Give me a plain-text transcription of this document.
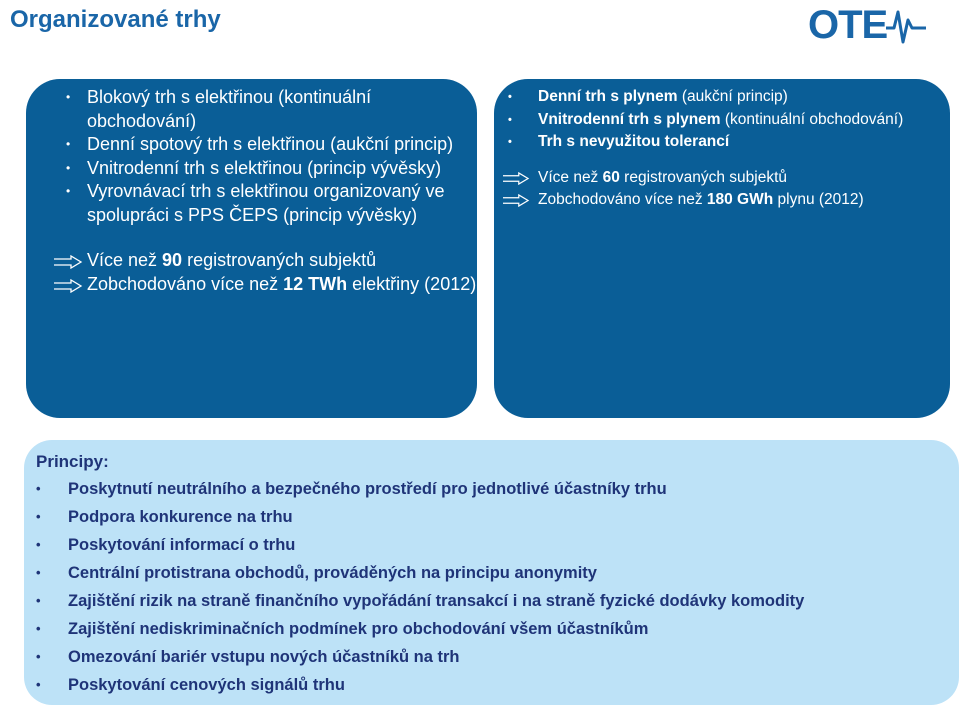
Organizované trhy	OTE
• Blokový trh s elektřinou (kontinuální obchodování)
• Denní spotový trh s elektřinou (aukční princip)
• Vnitrodenní trh s elektřinou (princip vývěsky)
• Vyrovnávací trh s elektřinou organizovaný ve spolupráci s PPS ČEPS (princip vývěsky)
Více než 90 registrovaných subjektů
Zobchodováno více než 12 TWh elektřiny (2012)
• Denní trh s plynem (aukční princip)
• Vnitrodenní trh s plynem (kontinuální obchodování)
• Trh s nevyužitou tolerancí
Více než 60 registrovaných subjektů
Zobchodováno více než 180 GWh plynu (2012)
Principy:
• Poskytnutí neutrálního a bezpečného prostředí pro jednotlivé účastníky trhu
• Podpora konkurence na trhu
• Poskytování informací o trhu
• Centrální protistrana obchodů, prováděných na principu anonymity
• Zajištění rizik na straně finančního vypořádání transakcí i na straně fyzické dodávky komodity
• Zajištění nediskriminačních podmínek pro obchodování všem účastníkům
• Omezování bariér vstupu nových účastníků na trh
• Poskytování cenových signálů trhu
